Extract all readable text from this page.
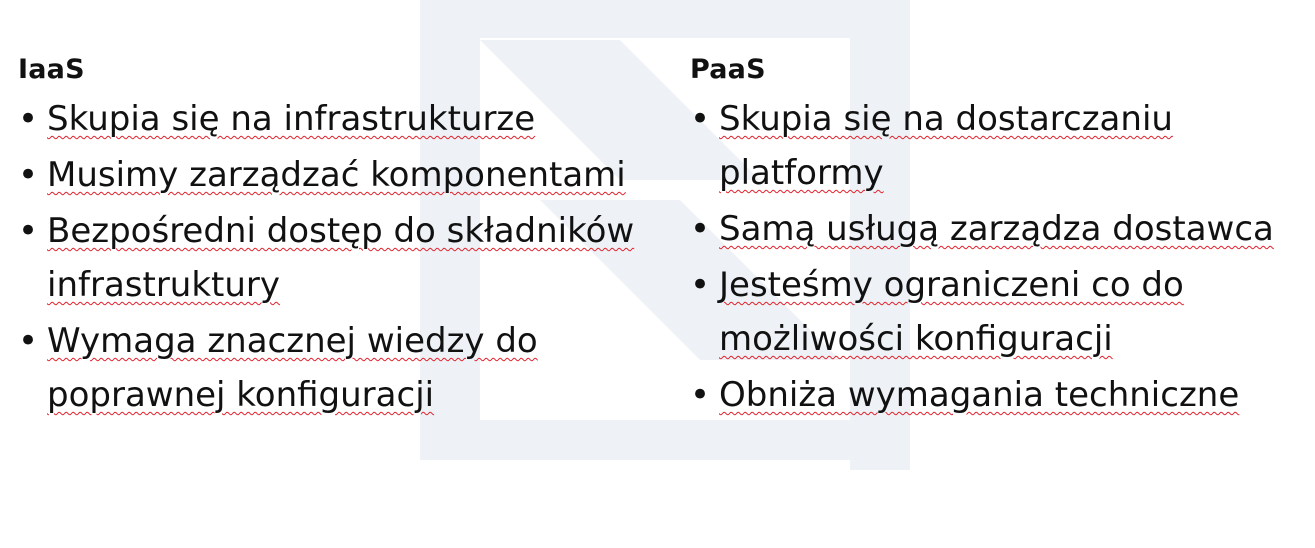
IaaS
• Skupia się na infrastrukturze
• Musimy zarządzać komponentami
• Bezpośredni dostęp do składników infrastruktury
• Wymaga znacznej wiedzy do poprawnej konfiguracji
PaaS
• Skupia się na dostarczaniu platformy
• Samą usługą zarządza dostawca
• Jesteśmy ograniczeni co do możliwości konfiguracji
• Obniża wymagania techniczne
